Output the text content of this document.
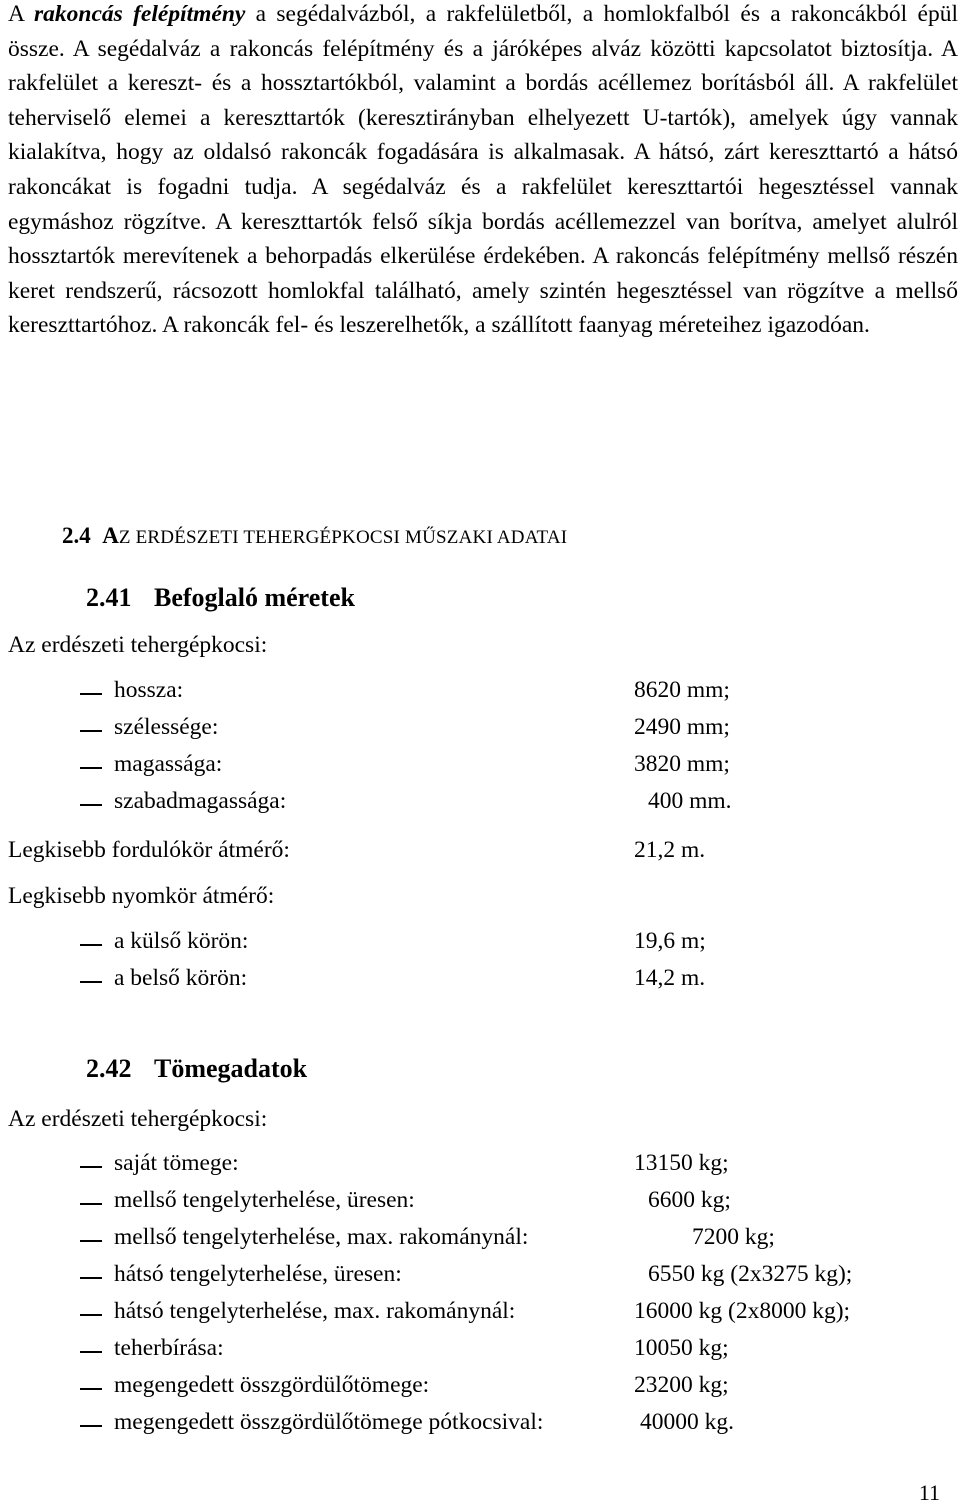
A rakoncás felépítmény a segédalvázból, a rakfelületből, a homlokfalból és a rakoncákból épül össze. A segédalváz a rakoncás felépítmény és a járóképes alváz közötti kapcsolatot biztosítja. A rakfelület a kereszt- és a hossztartókból, valamint a bordás acéllemez borításból áll. A rakfelület teherviselő elemei a kereszttartók (keresztirányban elhelyezett U-tartók), amelyek úgy vannak kialakítva, hogy az oldalsó rakoncák fogadására is alkalmasak. A hátsó, zárt kereszttartó a hátsó rakoncákat is fogadni tudja. A segédalváz és a rakfelület kereszttartói hegesztéssel vannak egymáshoz rögzítve. A kereszttartók felső síkja bordás acéllemezzel van borítva, amelyet alulról hossztartók merevítenek a behorpadás elkerülése érdekében. A rakoncás felépítmény mellső részén keret rendszerű, rácsozott homlokfal található, amely szintén hegesztéssel van rögzítve a mellső kereszttartóhoz. A rakoncák fel- és leszerelhetők, a szállított faanyag méreteihez igazodóan.
2.4 AZ ERDÉSZETI TEHERGÉPKOCSI MŰSZAKI ADATAI
2.41 Befoglaló méretek
Az erdészeti tehergépkocsi:
hossza:	8620 mm;
szélessége:	2490 mm;
magassága:	3820 mm;
szabadmagassága:	400 mm.
Legkisebb fordulókör átmérő:	21,2 m.
Legkisebb nyomkör átmérő:
a külső körön:	19,6 m;
a belső körön:	14,2 m.
2.42 Tömegadatok
Az erdészeti tehergépkocsi:
saját tömege:	13150 kg;
mellső tengelyterhelése, üresen:	6600 kg;
mellső tengelyterhelése, max. rakománynál:	7200 kg;
hátsó tengelyterhelése, üresen:	6550 kg (2x3275 kg);
hátsó tengelyterhelése, max. rakománynál:	16000 kg (2x8000 kg);
teherbírása:	10050 kg;
megengedett összgördülőtömege:	23200 kg;
megengedett összgördülőtömege pótkocsival:	40000 kg.
11
